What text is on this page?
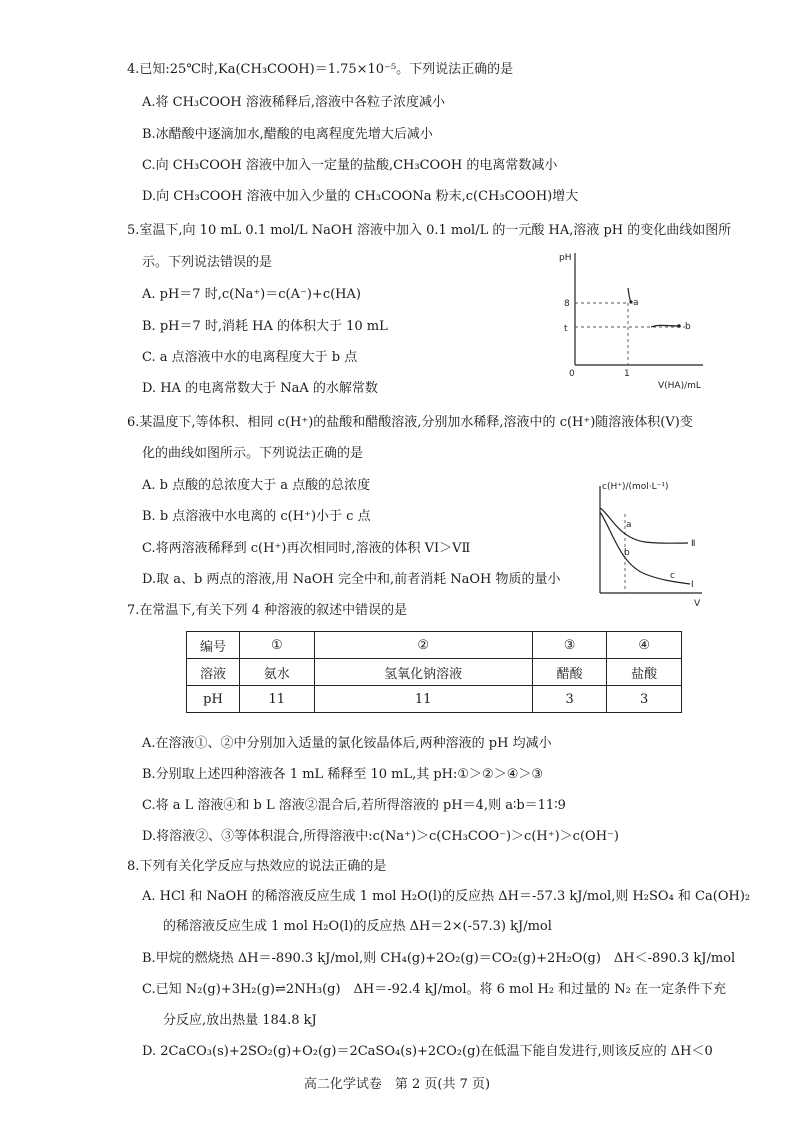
4.已知:25℃时,Ka(CH₃COOH)＝1.75×10⁻⁵。下列说法正确的是
A.将 CH₃COOH 溶液稀释后,溶液中各粒子浓度减小
B.冰醋酸中逐滴加水,醋酸的电离程度先增大后减小
C.向 CH₃COOH 溶液中加入一定量的盐酸,CH₃COOH 的电离常数减小
D.向 CH₃COOH 溶液中加入少量的 CH₃COONa 粉末,c(CH₃COOH)增大
5.室温下,向 10 mL 0.1 mol/L NaOH 溶液中加入 0.1 mol/L 的一元酸 HA,溶液 pH 的变化曲线如图所
示。下列说法错误的是
A. pH＝7 时,c(Na⁺)＝c(A⁻)+c(HA)
B. pH＝7 时,消耗 HA 的体积大于 10 mL
C. a 点溶液中水的电离程度大于 b 点
D. HA 的电离常数大于 NaA 的水解常数
pH
8
t
0	1
V(HA)/mL
a
b
6.某温度下,等体积、相同 c(H⁺)的盐酸和醋酸溶液,分别加水稀释,溶液中的 c(H⁺)随溶液体积(V)变
化的曲线如图所示。下列说法正确的是
A. b 点酸的总浓度大于 a 点酸的总浓度
B. b 点溶液中水电离的 c(H⁺)小于 c 点
C.将两溶液稀释到 c(H⁺)再次相同时,溶液的体积 VⅠ＞VⅡ
D.取 a、b 两点的溶液,用 NaOH 完全中和,前者消耗 NaOH 物质的量小
c(H⁺)/(mol·L⁻¹)
V
a
b
c
Ⅱ
Ⅰ
7.在常温下,有关下列 4 种溶液的叙述中错误的是
编号	①	②	③	④
溶液	氨水	氢氧化钠溶液	醋酸	盐酸
pH	11	11	3	3
A.在溶液①、②中分别加入适量的氯化铵晶体后,两种溶液的 pH 均减小
B.分别取上述四种溶液各 1 mL 稀释至 10 mL,其 pH:①＞②＞④＞③
C.将 a L 溶液④和 b L 溶液②混合后,若所得溶液的 pH＝4,则 a∶b＝11∶9
D.将溶液②、③等体积混合,所得溶液中:c(Na⁺)＞c(CH₃COO⁻)＞c(H⁺)＞c(OH⁻)
8.下列有关化学反应与热效应的说法正确的是
A. HCl 和 NaOH 的稀溶液反应生成 1 mol H₂O(l)的反应热 ΔH＝-57.3 kJ/mol,则 H₂SO₄ 和 Ca(OH)₂
的稀溶液反应生成 1 mol H₂O(l)的反应热 ΔH＝2×(-57.3) kJ/mol
B.甲烷的燃烧热 ΔH＝-890.3 kJ/mol,则 CH₄(g)+2O₂(g)＝CO₂(g)+2H₂O(g)　ΔH＜-890.3 kJ/mol
C.已知 N₂(g)+3H₂(g)⇌2NH₃(g)　ΔH＝-92.4 kJ/mol。将 6 mol H₂ 和过量的 N₂ 在一定条件下充
分反应,放出热量 184.8 kJ
D. 2CaCO₃(s)+2SO₂(g)+O₂(g)＝2CaSO₄(s)+2CO₂(g)在低温下能自发进行,则该反应的 ΔH＜0
高二化学试卷　第 2 页(共 7 页)
